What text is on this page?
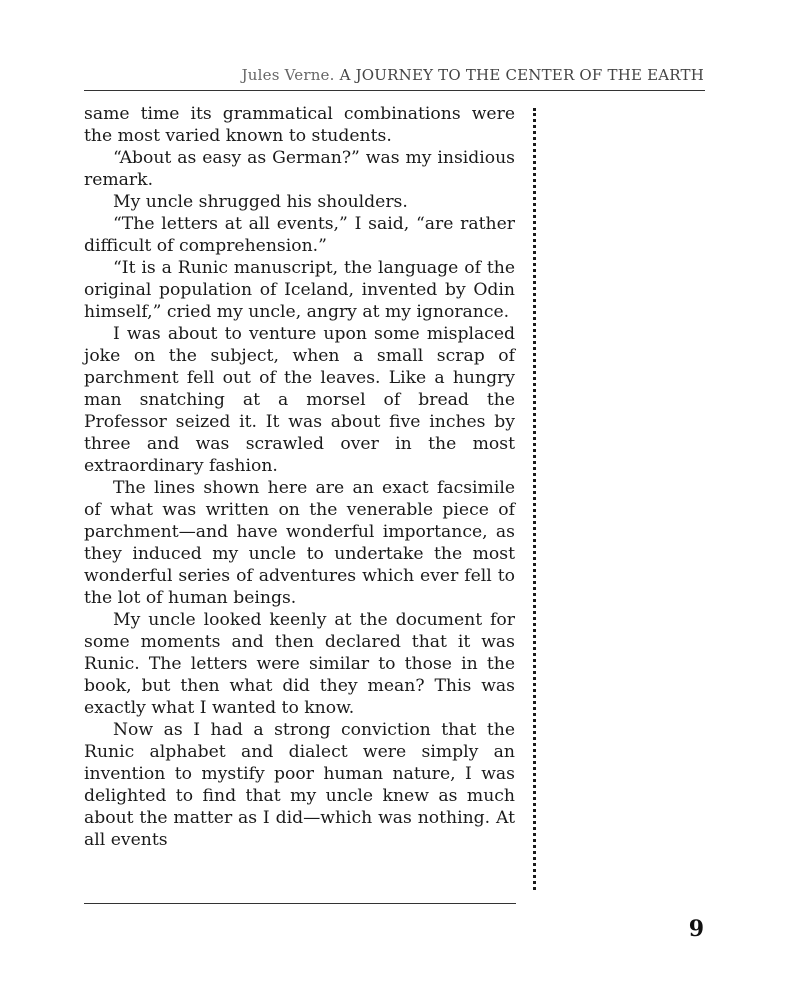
Jules Verne. A JOURNEY TO THE CENTER OF THE EARTH

same time its grammatical combinations were the most varied known to students.

“About as easy as German?” was my insidious remark.

My uncle shrugged his shoulders.

“The letters at all events,” I said, “are rather difficult of comprehension.”

“It is a Runic manuscript, the language of the original population of Iceland, invented by Odin himself,” cried my uncle, angry at my ignorance.

I was about to venture upon some misplaced joke on the subject, when a small scrap of parchment fell out of the leaves. Like a hungry man snatching at a morsel of bread the Professor seized it. It was about five inches by three and was scrawled over in the most extraordinary fashion.

The lines shown here are an exact facsimile of what was written on the venerable piece of parchment—and have wonderful importance, as they induced my uncle to undertake the most wonderful series of adventures which ever fell to the lot of human beings.

My uncle looked keenly at the document for some moments and then declared that it was Runic. The letters were similar to those in the book, but then what did they mean? This was exactly what I wanted to know.

Now as I had a strong conviction that the Runic alphabet and dialect were simply an invention to mystify poor human nature, I was delighted to find that my uncle knew as much about the matter as I did—which was nothing. At all events

9
